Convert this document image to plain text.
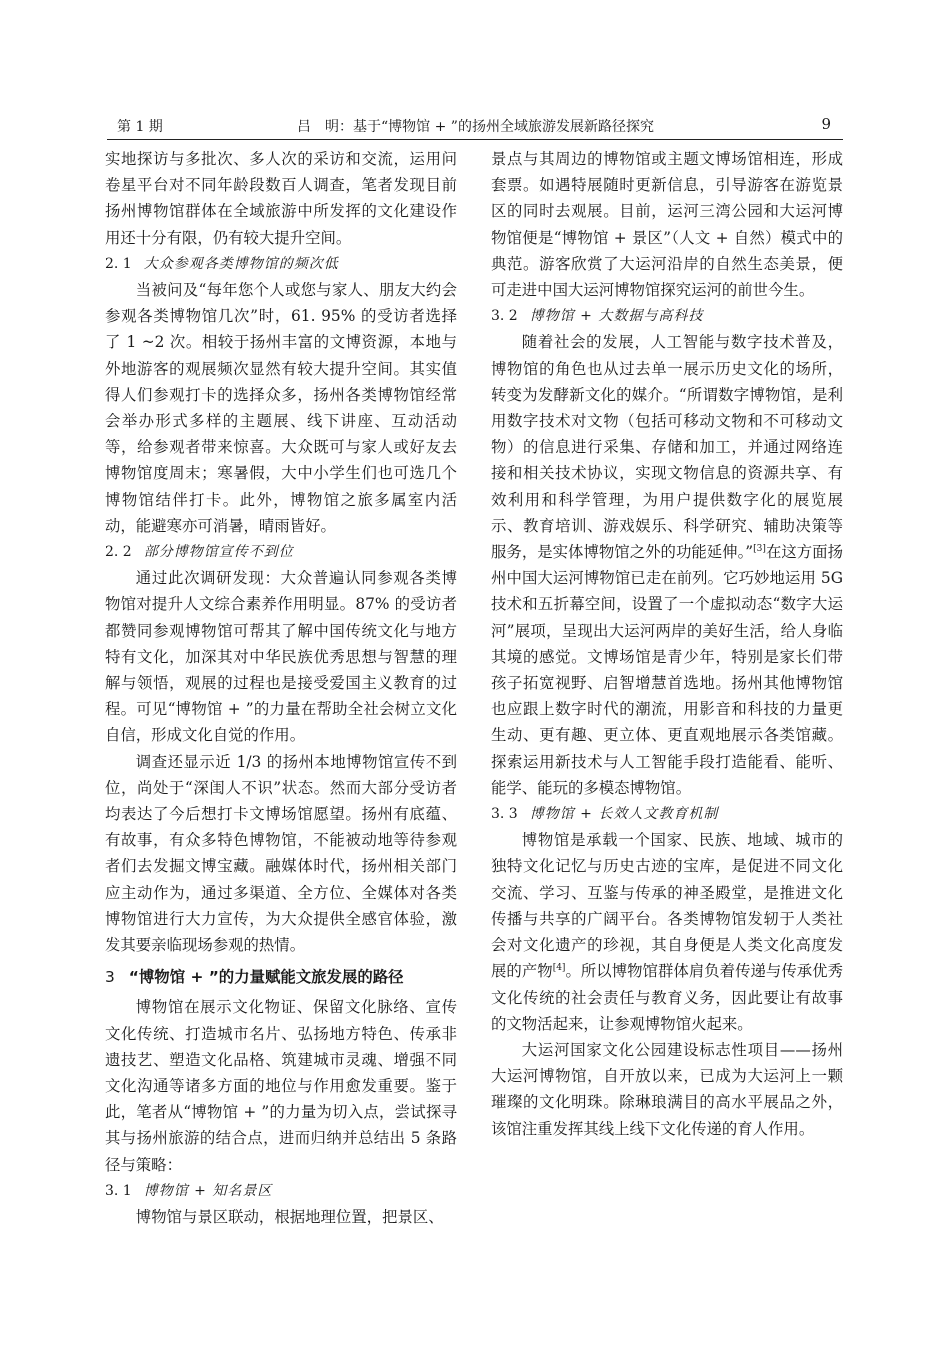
第 1 期	吕　明：基于“博物馆 + ”的扬州全域旅游发展新路径探究	9

实地探访与多批次、多人次的采访和交流，运用问卷星平台对不同年龄段数百人调查，笔者发现目前扬州博物馆群体在全域旅游中所发挥的文化建设作用还十分有限，仍有较大提升空间。

2. 1 大众参观各类博物馆的频次低

当被问及“每年您个人或您与家人、朋友大约会参观各类博物馆几次”时，61. 95% 的受访者选择了 1 ~2 次。相较于扬州丰富的文博资源，本地与外地游客的观展频次显然有较大提升空间。其实值得人们参观打卡的选择众多，扬州各类博物馆经常会举办形式多样的主题展、线下讲座、互动活动等，给参观者带来惊喜。大众既可与家人或好友去博物馆度周末；寒暑假，大中小学生们也可选几个博物馆结伴打卡。此外，博物馆之旅多属室内活动，能避寒亦可消暑，晴雨皆好。

2. 2 部分博物馆宣传不到位

通过此次调研发现：大众普遍认同参观各类博物馆对提升人文综合素养作用明显。87% 的受访者都赞同参观博物馆可帮其了解中国传统文化与地方特有文化，加深其对中华民族优秀思想与智慧的理解与领悟，观展的过程也是接受爱国主义教育的过程。可见“博物馆 + ”的力量在帮助全社会树立文化自信，形成文化自觉的作用。

调查还显示近 1/3 的扬州本地博物馆宣传不到位，尚处于“深闺人不识”状态。然而大部分受访者均表达了今后想打卡文博场馆愿望。扬州有底蕴、有故事，有众多特色博物馆，不能被动地等待参观者们去发掘文博宝藏。融媒体时代，扬州相关部门应主动作为，通过多渠道、全方位、全媒体对各类博物馆进行大力宣传，为大众提供全感官体验，激发其要亲临现场参观的热情。

3 “博物馆 + ”的力量赋能文旅发展的路径

博物馆在展示文化物证、保留文化脉络、宣传文化传统、打造城市名片、弘扬地方特色、传承非遗技艺、塑造文化品格、筑建城市灵魂、增强不同文化沟通等诸多方面的地位与作用愈发重要。鉴于此，笔者从“博物馆 + ”的力量为切入点，尝试探寻其与扬州旅游的结合点，进而归纳并总结出 5 条路径与策略：

3. 1 博物馆 + 知名景区

博物馆与景区联动，根据地理位置，把景区、

景点与其周边的博物馆或主题文博场馆相连，形成套票。如遇特展随时更新信息，引导游客在游览景区的同时去观展。目前，运河三湾公园和大运河博物馆便是“博物馆 + 景区”（人文 + 自然）模式中的典范。游客欣赏了大运河沿岸的自然生态美景，便可走进中国大运河博物馆探究运河的前世今生。

3. 2 博物馆 + 大数据与高科技

随着社会的发展，人工智能与数字技术普及，博物馆的角色也从过去单一展示历史文化的场所，转变为发酵新文化的媒介。“所谓数字博物馆，是利用数字技术对文物（包括可移动文物和不可移动文物）的信息进行采集、存储和加工，并通过网络连接和相关技术协议，实现文物信息的资源共享、有效利用和科学管理，为用户提供数字化的展览展示、教育培训、游戏娱乐、科学研究、辅助决策等服务，是实体博物馆之外的功能延伸。”[3]在这方面扬州中国大运河博物馆已走在前列。它巧妙地运用 5G 技术和五折幕空间，设置了一个虚拟动态“数字大运河”展项，呈现出大运河两岸的美好生活，给人身临其境的感觉。文博场馆是青少年，特别是家长们带孩子拓宽视野、启智增慧首选地。扬州其他博物馆也应跟上数字时代的潮流，用影音和科技的力量更生动、更有趣、更立体、更直观地展示各类馆藏。探索运用新技术与人工智能手段打造能看、能听、能学、能玩的多模态博物馆。

3. 3 博物馆 + 长效人文教育机制

博物馆是承载一个国家、民族、地域、城市的独特文化记忆与历史古迹的宝库，是促进不同文化交流、学习、互鉴与传承的神圣殿堂，是推进文化传播与共享的广阔平台。各类博物馆发轫于人类社会对文化遗产的珍视，其自身便是人类文化高度发展的产物[4]。所以博物馆群体肩负着传递与传承优秀文化传统的社会责任与教育义务，因此要让有故事的文物活起来，让参观博物馆火起来。

大运河国家文化公园建设标志性项目——扬州大运河博物馆，自开放以来，已成为大运河上一颗璀璨的文化明珠。除琳琅满目的高水平展品之外，该馆注重发挥其线上线下文化传递的育人作用。
